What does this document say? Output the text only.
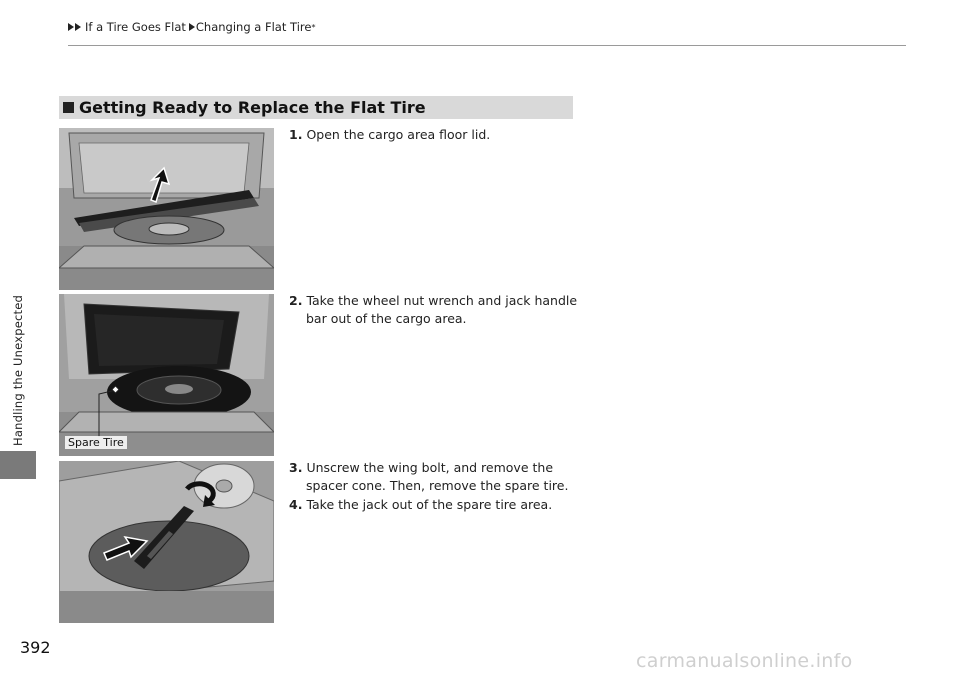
If a Tire Goes Flat Changing a Flat Tire *
Handling the Unexpected
392
Getting Ready to Replace the Flat Tire
Spare Tire
1. Open the cargo area floor lid.
2. Take the wheel nut wrench and jack handle
bar out of the cargo area.
3. Unscrew the wing bolt, and remove the
spacer cone. Then, remove the spare tire.
4. Take the jack out of the spare tire area.
carmanualsonline.info
